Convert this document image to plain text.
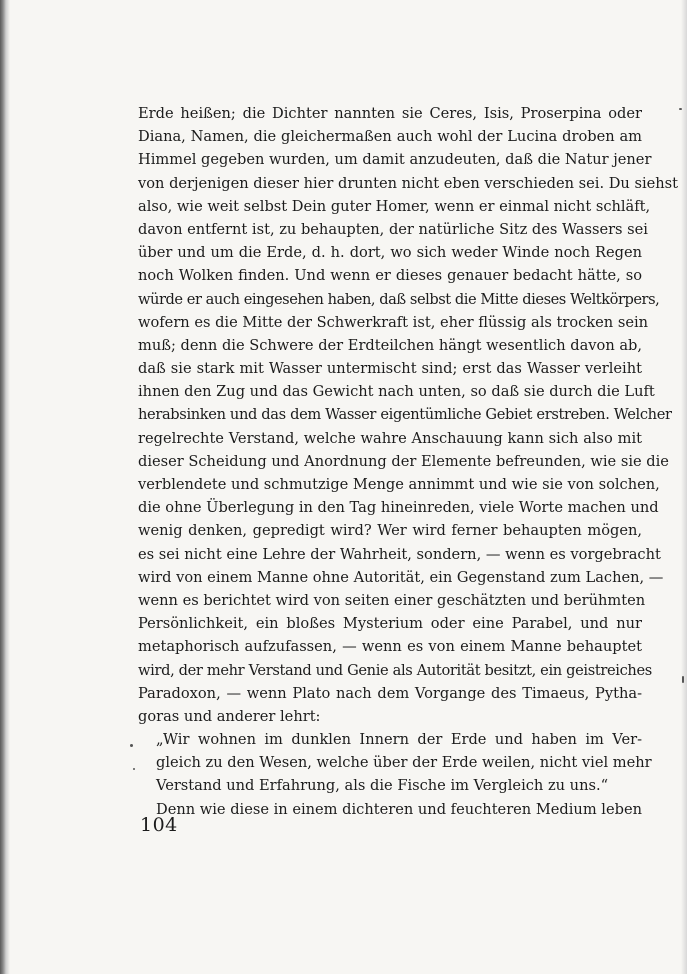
Erde heißen; die Dichter nannten sie Ceres, Isis, Proserpina oder
Diana, Namen, die gleichermaßen auch wohl der Lucina droben am
Himmel gegeben wurden, um damit anzudeuten, daß die Natur jener
von derjenigen dieser hier drunten nicht eben verschieden sei. Du siehst
also, wie weit selbst Dein guter Homer, wenn er einmal nicht schläft,
davon entfernt ist, zu behaupten, der natürliche Sitz des Wassers sei
über und um die Erde, d. h. dort, wo sich weder Winde noch Regen
noch Wolken finden. Und wenn er dieses genauer bedacht hätte, so
würde er auch eingesehen haben, daß selbst die Mitte dieses Weltkörpers,
wofern es die Mitte der Schwerkraft ist, eher flüssig als trocken sein
muß; denn die Schwere der Erdteilchen hängt wesentlich davon ab,
daß sie stark mit Wasser untermischt sind; erst das Wasser verleiht
ihnen den Zug und das Gewicht nach unten, so daß sie durch die Luft
herabsinken und das dem Wasser eigentümliche Gebiet erstreben. Welcher
regelrechte Verstand, welche wahre Anschauung kann sich also mit
dieser Scheidung und Anordnung der Elemente befreunden, wie sie die
verblendete und schmutzige Menge annimmt und wie sie von solchen,
die ohne Überlegung in den Tag hineinreden, viele Worte machen und
wenig denken, gepredigt wird? Wer wird ferner behaupten mögen,
es sei nicht eine Lehre der Wahrheit, sondern, — wenn es vorgebracht
wird von einem Manne ohne Autorität, ein Gegenstand zum Lachen, —
wenn es berichtet wird von seiten einer geschätzten und berühmten
Persönlichkeit, ein bloßes Mysterium oder eine Parabel, und nur
metaphorisch aufzufassen, — wenn es von einem Manne behauptet
wird, der mehr Verstand und Genie als Autorität besitzt, ein geistreiches
Paradoxon, — wenn Plato nach dem Vorgange des Timaeus, Pytha-
goras und anderer lehrt:
„Wir wohnen im dunklen Innern der Erde und haben im Ver-
gleich zu den Wesen, welche über der Erde weilen, nicht viel mehr
Verstand und Erfahrung, als die Fische im Vergleich zu uns.“
Denn wie diese in einem dichteren und feuchteren Medium leben
104
